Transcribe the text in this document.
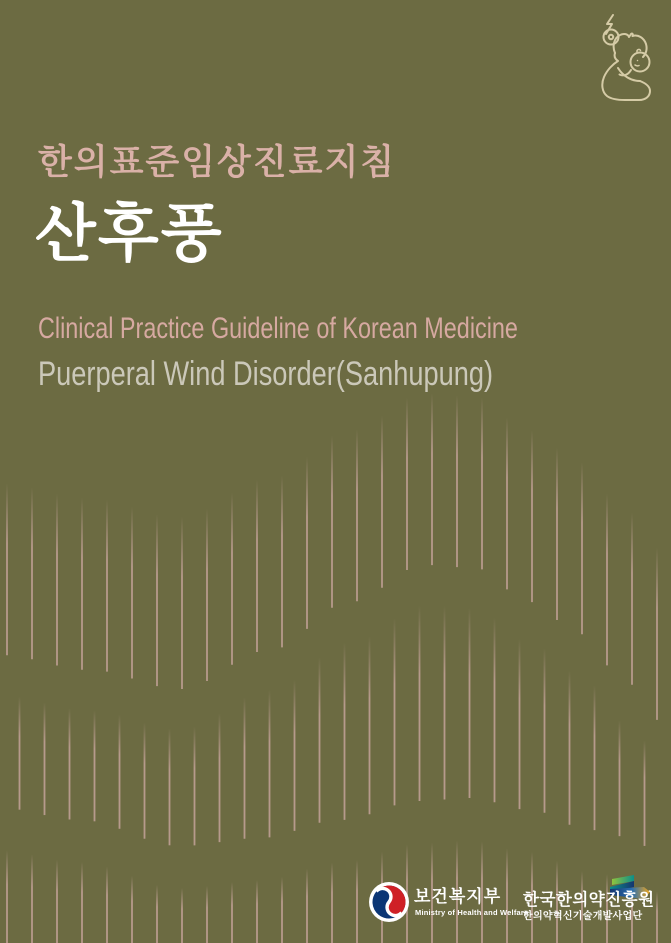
한의표준임상진료지침
산후풍
Clinical Practice Guideline of Korean Medicine
Puerperal Wind Disorder(Sanhupung)
보건복지부
Ministry of Health and Welfare
한국한의약진흥원
한의약혁신기술개발사업단
